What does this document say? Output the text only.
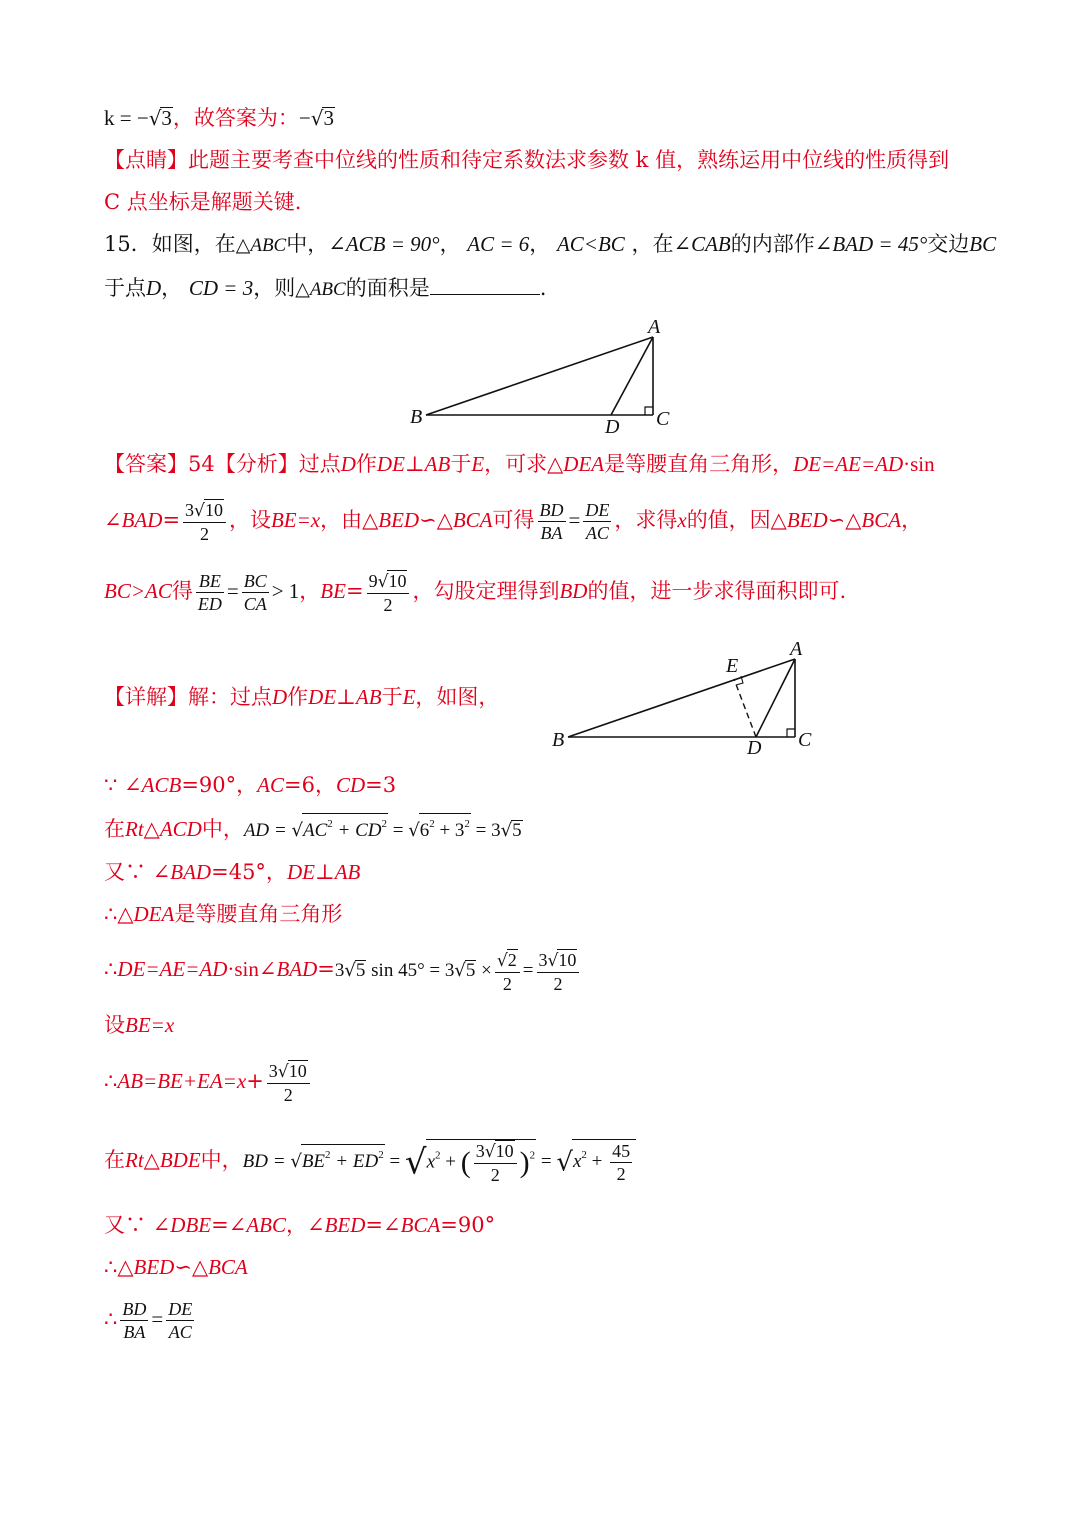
k = −√3，故答案为：−√3
【点睛】此题主要考查中位线的性质和待定系数法求参数 k 值，熟练运用中位线的性质得到
C 点坐标是解题关键.
15．如图，在△ABC中，∠ACB = 90°， AC = 6， AC<BC ，在∠CAB的内部作∠BAD = 45°交边BC
于点D， CD = 3，则△ABC的面积是	.
A
B	C
D
【答案】54【分析】过点D作DE⊥AB于E，可求△DEA是等腰直角三角形，DE=AE=AD·sin
∠BAD= $\frac{3√10}{2}$ ，设BE=x，由△BED∽△BCA可得 $\frac{BD}{BA} = \frac{DE}{AC}$ ，求得x的值，因△BED∽△BCA，
BC>AC得 $\frac{BE}{ED} = \frac{BC}{CA} > 1$，$BE= \frac{9√10}{2}$ ，勾股定理得到BD的值，进一步求得面积即可.
【详解】解：过点D作DE⊥AB于E，如图，
A
B	C
D
E
∵ ∠ACB=90°，AC=6，CD=3
在Rt△ACD中，AD = $√AC^2 + CD^2 = √6^2 + 3^2 = 3√5$
又∵ ∠BAD=45°，DE⊥AB
∴△DEA是等腰直角三角形
∴DE=AE=AD·sin∠BAD=3√5 $\sin 45^\circ = 3√5 \times \frac{√2}{2} = \frac{3√10}{2}$
设BE=x
∴AB=BE+EA=x+ $\frac{3√10}{2}$
在Rt△BDE中，BD = $√BE^2 + ED^2 = √x^2$ + ( $\frac{3√10}{2} )^2 = √x^2 + \frac{45}{2}$
又∵ ∠DBE=∠ABC，∠BED=∠BCA=90°
∴△BED∽△BCA
∴ $\frac{BD}{BA} = \frac{DE}{AC}$
